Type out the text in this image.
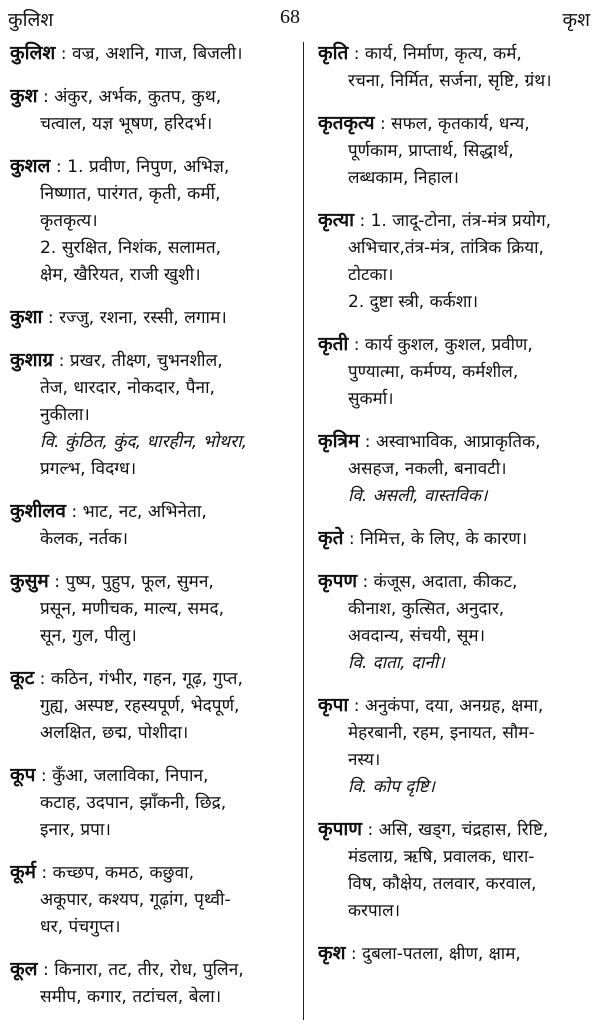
कुलिश	68	कृश
कुलिश : वज्र, अशनि, गाज, बिजली।
कुश : अंकुर, अर्भक, कुतप, कुथ,
चत्वाल, यज्ञ भूषण, हरिदर्भ।
कुशल : 1. प्रवीण, निपुण, अभिज्ञ,
निष्णात, पारंगत, कृती, कर्मी,
कृतकृत्य।
2. सुरक्षित, निशंक, सलामत,
क्षेम, खैरियत, राजी खुशी।
कुशा : रज्जु, रशना, रस्सी, लगाम।
कुशाग्र : प्रखर, तीक्ष्ण, चुभनशील,
तेज, धारदार, नोकदार, पैना,
नुकीला।
वि. कुंठित, कुंद, धारहीन, भोथरा,
प्रगल्भ, विदग्ध।
कुशीलव : भाट, नट, अभिनेता,
केलक, नर्तक।
कुसुम : पुष्प, पुहुप, फूल, सुमन,
प्रसून, मणीचक, माल्य, समद,
सून, गुल, पीलु।
कूट : कठिन, गंभीर, गहन, गूढ़, गुप्त,
गुह्य, अस्पष्ट, रहस्यपूर्ण, भेदपूर्ण,
अलक्षित, छद्म, पोशीदा।
कूप : कुँआ, जलाविका, निपान,
कटाह, उदपान, झाँकनी, छिद्र,
इनार, प्रपा।
कूर्म : कच्छप, कमठ, कछुवा,
अकूपार, कश्यप, गूढ़ांग, पृथ्वी-
धर, पंचगुप्त।
कूल : किनारा, तट, तीर, रोध, पुलिन,
समीप, कगार, तटांचल, बेला।
कृति : कार्य, निर्माण, कृत्य, कर्म,
रचना, निर्मित, सर्जना, सृष्टि, ग्रंथ।
कृतकृत्य : सफल, कृतकार्य, धन्य,
पूर्णकाम, प्राप्तार्थ, सिद्धार्थ,
लब्धकाम, निहाल।
कृत्या : 1. जादू-टोना, तंत्र-मंत्र प्रयोग,
अभिचार,तंत्र-मंत्र, तांत्रिक क्रिया,
टोटका।
2. दुष्टा स्त्री, कर्कशा।
कृती : कार्य कुशल, कुशल, प्रवीण,
पुण्यात्मा, कर्मण्य, कर्मशील,
सुकर्मा।
कृत्रिम : अस्वाभाविक, आप्राकृतिक,
असहज, नकली, बनावटी।
वि. असली, वास्तविक।
कृते : निमित्त, के लिए, के कारण।
कृपण : कंजूस, अदाता, कीकट,
कीनाश, कुत्सित, अनुदार,
अवदान्य, संचयी, सूम।
वि. दाता, दानी।
कृपा : अनुकंपा, दया, अनग्रह, क्षमा,
मेहरबानी, रहम, इनायत, सौम-
नस्य।
वि. कोप दृष्टि।
कृपाण : असि, खड्ग, चंद्रहास, रिष्टि,
मंडलाग्र, ऋषि, प्रवालक, धारा-
विष, कौक्षेय, तलवार, करवाल,
करपाल।
कृश : दुबला-पतला, क्षीण, क्षाम,
